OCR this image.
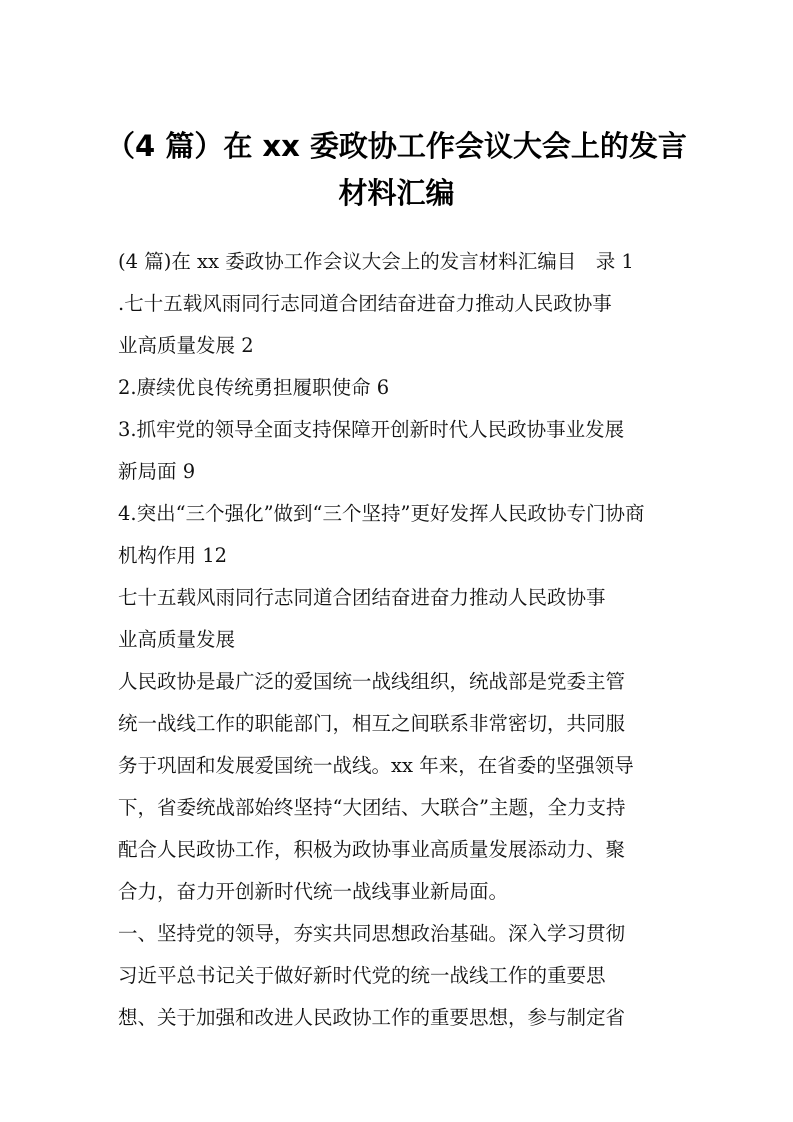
（4 篇）在 xx 委政协工作会议大会上的发言
材料汇编
(4 篇)在 xx 委政协工作会议大会上的发言材料汇编目　录 1
.七十五载风雨同行志同道合团结奋进奋力推动人民政协事
业高质量发展 2
2.赓续优良传统勇担履职使命 6
3.抓牢党的领导全面支持保障开创新时代人民政协事业发展
新局面 9
4.突出“三个强化”做到“三个坚持”更好发挥人民政协专门协商
机构作用 12
七十五载风雨同行志同道合团结奋进奋力推动人民政协事
业高质量发展
人民政协是最广泛的爱国统一战线组织，统战部是党委主管
统一战线工作的职能部门，相互之间联系非常密切，共同服
务于巩固和发展爱国统一战线。xx 年来，在省委的坚强领导
下，省委统战部始终坚持“大团结、大联合”主题，全力支持
配合人民政协工作，积极为政协事业高质量发展添动力、聚
合力，奋力开创新时代统一战线事业新局面。
一、坚持党的领导，夯实共同思想政治基础。深入学习贯彻
习近平总书记关于做好新时代党的统一战线工作的重要思
想、关于加强和改进人民政协工作的重要思想，参与制定省
